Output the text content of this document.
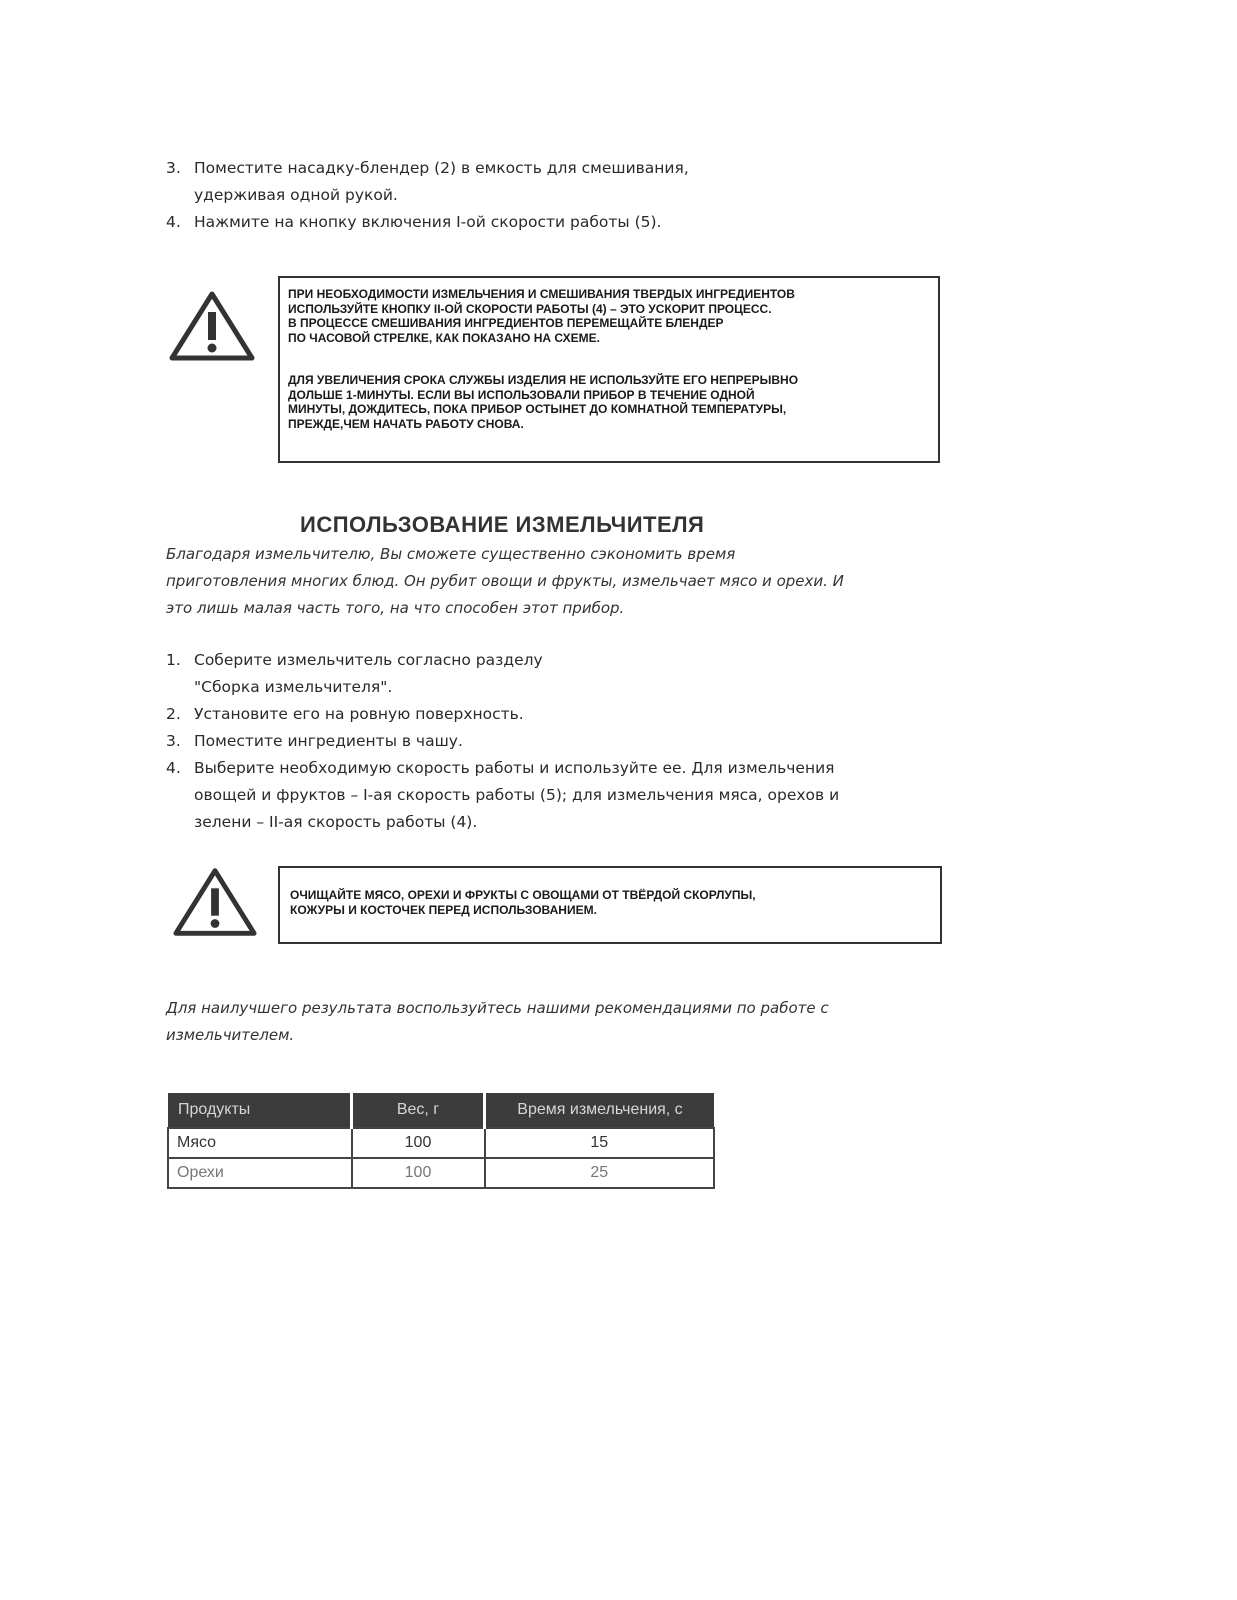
3. Поместите насадку-блендер (2) в емкость для смешивания,
удерживая одной рукой.
4. Нажмите на кнопку включения I-ой скорости работы (5).

ПРИ НЕОБХОДИМОСТИ ИЗМЕЛЬЧЕНИЯ И СМЕШИВАНИЯ ТВЕРДЫХ ИНГРЕДИЕНТОВ

ИСПОЛЬЗУЙТЕ КНОПКУ II-ОЙ СКОРОСТИ РАБОТЫ (4) – ЭТО УСКОРИТ ПРОЦЕСС.

В ПРОЦЕССЕ СМЕШИВАНИЯ ИНГРЕДИЕНТОВ ПЕРЕМЕЩАЙТЕ БЛЕНДЕР

ПО ЧАСОВОЙ СТРЕЛКЕ, КАК ПОКАЗАНО НА СХЕМЕ.

ДЛЯ УВЕЛИЧЕНИЯ СРОКА СЛУЖБЫ ИЗДЕЛИЯ НЕ ИСПОЛЬЗУЙТЕ ЕГО НЕПРЕРЫВНО

ДОЛЬШЕ 1-МИНУТЫ. ЕСЛИ ВЫ ИСПОЛЬЗОВАЛИ ПРИБОР В ТЕЧЕНИЕ ОДНОЙ

МИНУТЫ, ДОЖДИТЕСЬ, ПОКА ПРИБОР ОСТЫНЕТ ДО КОМНАТНОЙ ТЕМПЕРАТУРЫ,

ПРЕЖДЕ,ЧЕМ НАЧАТЬ РАБОТУ СНОВА.

ИСПОЛЬЗОВАНИЕ ИЗМЕЛЬЧИТЕЛЯ
Благодаря измельчителю, Вы сможете существенно сэкономить время
приготовления многих блюд. Он рубит овощи и фрукты, измельчает мясо и орехи. И
это лишь малая часть того, на что способен этот прибор.
1. Соберите измельчитель согласно разделу
"Сборка измельчителя".
2. Установите его на ровную поверхность.
3. Поместите ингредиенты в чашу.
4. Выберите необходимую скорость работы и используйте ее. Для измельчения
овощей и фруктов – I-ая скорость работы (5); для измельчения мяса, орехов и
зелени – II-ая скорость работы (4).

ОЧИЩАЙТЕ МЯСО, ОРЕХИ И ФРУКТЫ С ОВОЩАМИ ОТ ТВЁРДОЙ СКОРЛУПЫ,

КОЖУРЫ И КОСТОЧЕК ПЕРЕД ИСПОЛЬЗОВАНИЕМ.

Для наилучшего результата воспользуйтесь нашими рекомендациями по работе с
измельчителем.
Продукты	Вес, г	Время измельчения, с
Мясо	100	15
Орехи	100	25
